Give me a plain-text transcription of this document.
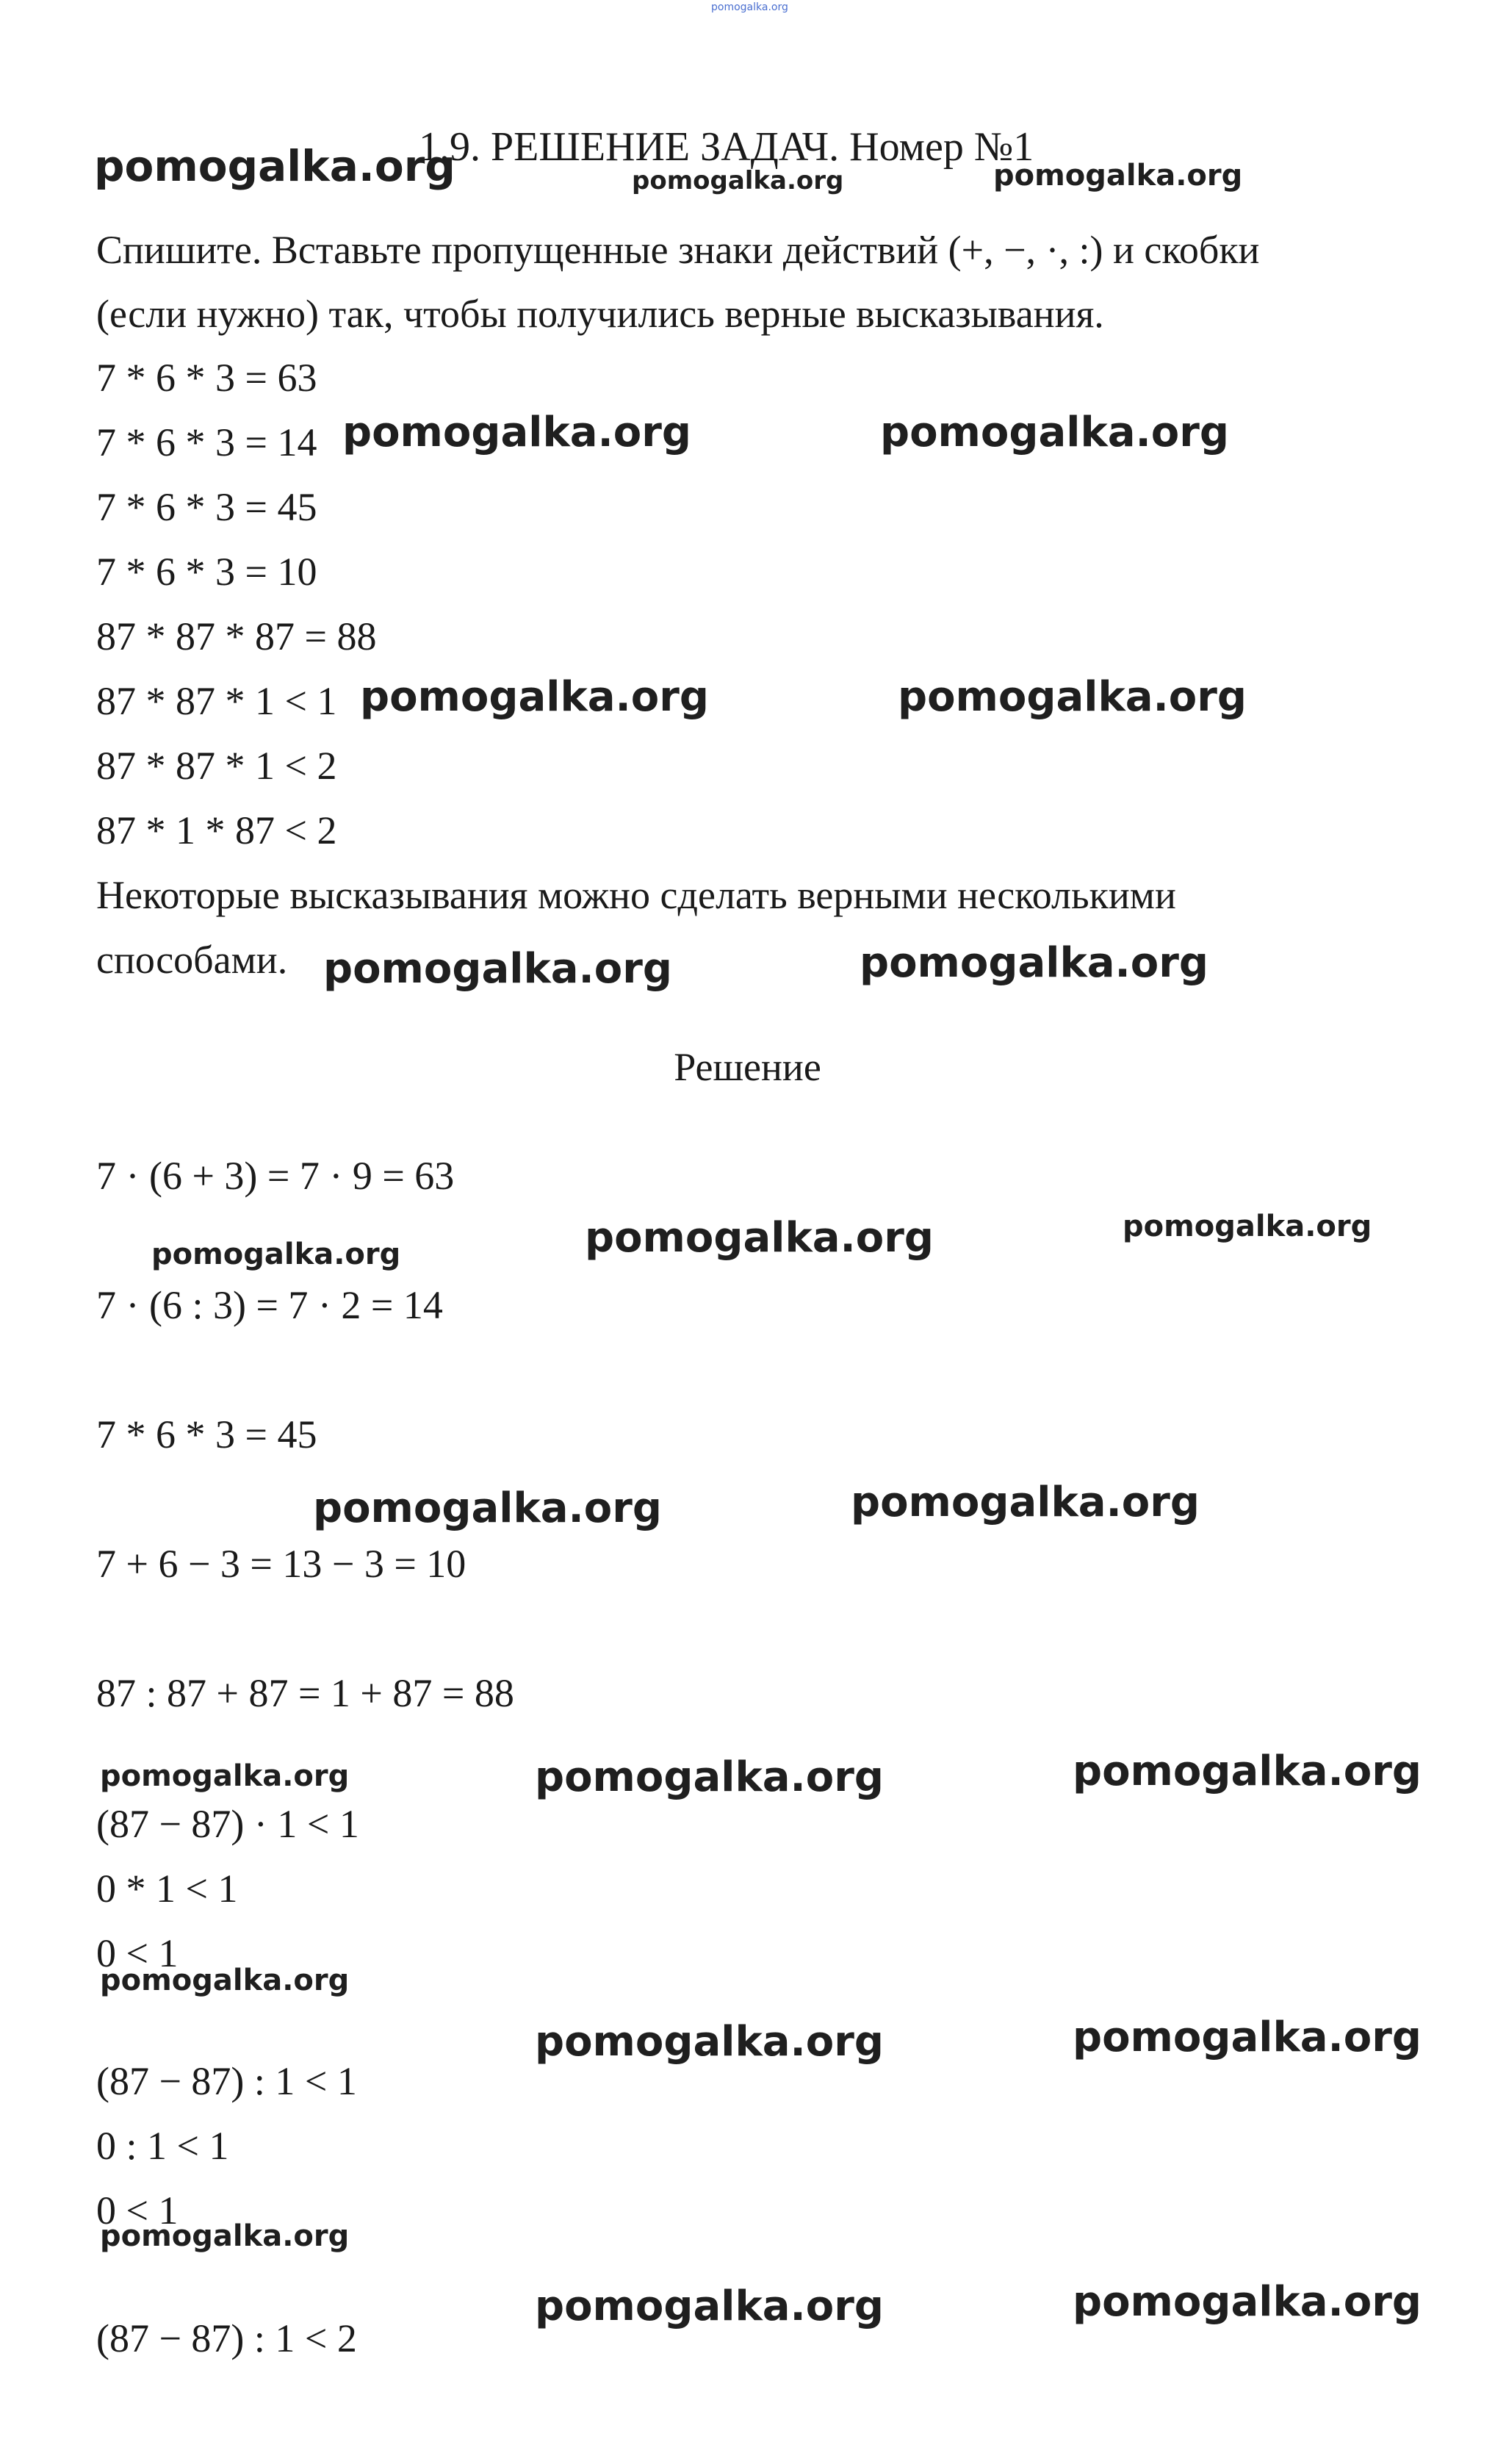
pomogalka.org
1.9. РЕШЕНИЕ ЗАДАЧ. Номер №1
Спишите. Вставьте пропущенные знаки действий (+, −, ·, :) и скобки
(если нужно) так, чтобы получились верные высказывания.
7 * 6 * 3 = 63
7 * 6 * 3 = 14
7 * 6 * 3 = 45
7 * 6 * 3 = 10
87 * 87 * 87 = 88
87 * 87 * 1 < 1
87 * 87 * 1 < 2
87 * 1 * 87 < 2
Некоторые высказывания можно сделать верными несколькими
способами.
Решение
7 · (6 + 3) = 7 · 9 = 63
7 · (6 : 3) = 7 · 2 = 14
7 * 6 * 3 = 45
7 + 6 − 3 = 13 − 3 = 10
87 : 87 + 87 = 1 + 87 = 88
(87 − 87) · 1 < 1
0 * 1 < 1
0 < 1
(87 − 87) : 1 < 1
0 : 1 < 1
0 < 1
(87 − 87) : 1 < 2
pomogalka.org	pomogalka.org	pomogalka.org
pomogalka.org	pomogalka.org
pomogalka.org	pomogalka.org
pomogalka.org	pomogalka.org
pomogalka.org	pomogalka.org
pomogalka.org
pomogalka.org	pomogalka.org
pomogalka.org	pomogalka.org	pomogalka.org
pomogalka.org
pomogalka.org	pomogalka.org
pomogalka.org
pomogalka.org	pomogalka.org
